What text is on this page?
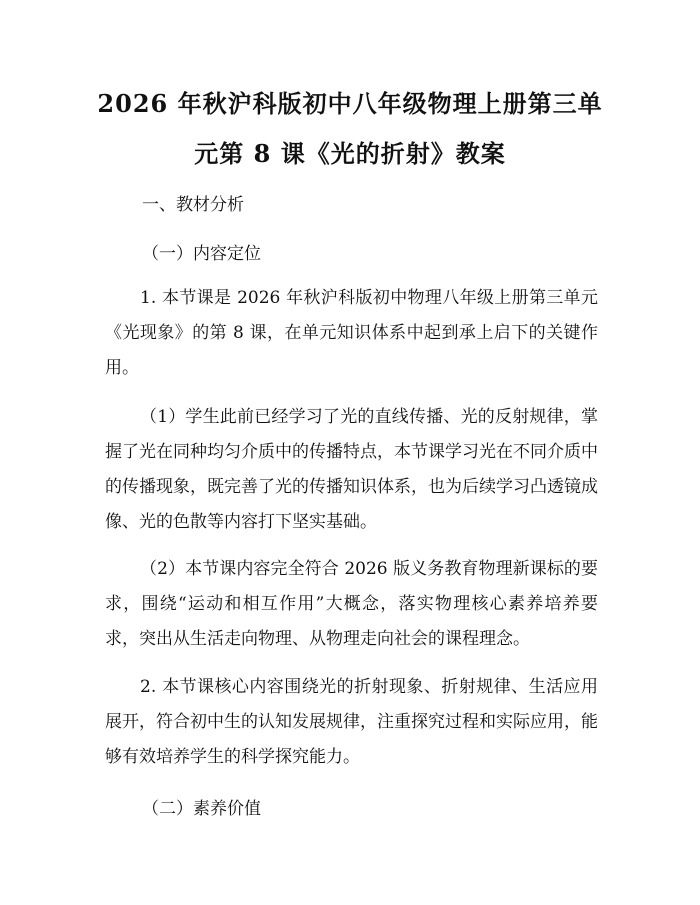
2026 年秋沪科版初中八年级物理上册第三单
元第 8 课《光的折射》教案
一、教材分析
（一）内容定位

1. 本节课是 2026 年秋沪科版初中物理八年级上册第三单元《光现象》的第 8 课，在单元知识体系中起到承上启下的关键作用。

（1）学生此前已经学习了光的直线传播、光的反射规律，掌握了光在同种均匀介质中的传播特点，本节课学习光在不同介质中的传播现象，既完善了光的传播知识体系，也为后续学习凸透镜成像、光的色散等内容打下坚实基础。

（2）本节课内容完全符合 2026 版义务教育物理新课标的要求，围绕“运动和相互作用”大概念，落实物理核心素养培养要求，突出从生活走向物理、从物理走向社会的课程理念。

2. 本节课核心内容围绕光的折射现象、折射规律、生活应用展开，符合初中生的认知发展规律，注重探究过程和实际应用，能够有效培养学生的科学探究能力。

（二）素养价值
